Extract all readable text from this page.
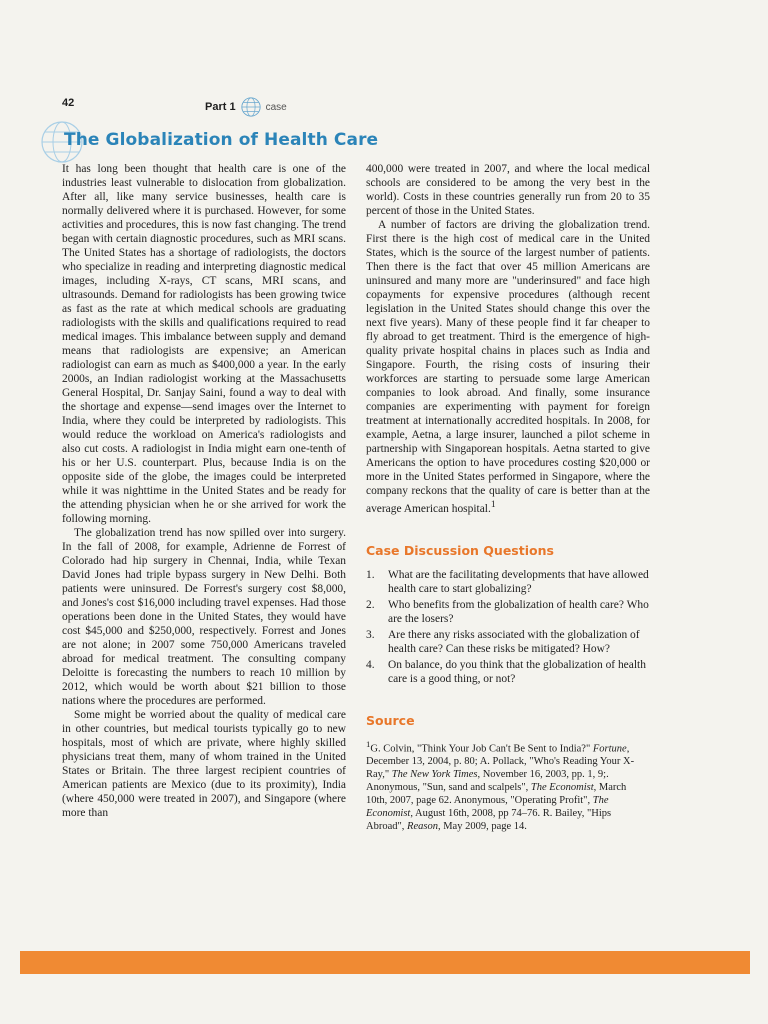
42	Part 1	case
The Globalization of Health Care

It has long been thought that health care is one of the industries least vulnerable to dislocation from globalization. After all, like many service businesses, health care is normally delivered where it is purchased. However, for some activities and procedures, this is now fast changing. The trend began with certain diagnostic procedures, such as MRI scans. The United States has a shortage of radiologists, the doctors who specialize in reading and interpreting diagnostic medical images, including X-rays, CT scans, MRI scans, and ultrasounds. Demand for radiologists has been growing twice as fast as the rate at which medical schools are graduating radiologists with the skills and qualifications required to read medical images. This imbalance between supply and demand means that radiologists are expensive; an American radiologist can earn as much as $400,000 a year. In the early 2000s, an Indian radiologist working at the Massachusetts General Hospital, Dr. Sanjay Saini, found a way to deal with the shortage and expense—send images over the Internet to India, where they could be interpreted by radiologists. This would reduce the workload on America's radiologists and also cut costs. A radiologist in India might earn one-tenth of his or her U.S. counterpart. Plus, because India is on the opposite side of the globe, the images could be interpreted while it was nighttime in the United States and be ready for the attending physician when he or she arrived for work the following morning.

The globalization trend has now spilled over into surgery. In the fall of 2008, for example, Adrienne de Forrest of Colorado had hip surgery in Chennai, India, while Texan David Jones had triple bypass surgery in New Delhi. Both patients were uninsured. De Forrest's surgery cost $8,000, and Jones's cost $16,000 including travel expenses. Had those operations been done in the United States, they would have cost $45,000 and $250,000, respectively. Forrest and Jones are not alone; in 2007 some 750,000 Americans traveled abroad for medical treatment. The consulting company Deloitte is forecasting the numbers to reach 10 million by 2012, which would be worth about $21 billion to those nations where the procedures are performed.

Some might be worried about the quality of medical care in other countries, but medical tourists typically go to new hospitals, most of which are private, where highly skilled physicians treat them, many of whom trained in the United States or Britain. The three largest recipient countries of American patients are Mexico (due to its proximity), India (where 450,000 were treated in 2007), and Singapore (where more than

400,000 were treated in 2007, and where the local medical schools are considered to be among the very best in the world). Costs in these countries generally run from 20 to 35 percent of those in the United States.

A number of factors are driving the globalization trend. First there is the high cost of medical care in the United States, which is the source of the largest number of patients. Then there is the fact that over 45 million Americans are uninsured and many more are "underinsured" and face high copayments for expensive procedures (although recent legislation in the United States should change this over the next five years). Many of these people find it far cheaper to fly abroad to get treatment. Third is the emergence of high-quality private hospital chains in places such as India and Singapore. Fourth, the rising costs of insuring their workforces are starting to persuade some large American companies to look abroad. And finally, some insurance companies are experimenting with payment for foreign treatment at internationally accredited hospitals. In 2008, for example, Aetna, a large insurer, launched a pilot scheme in partnership with Singaporean hospitals. Aetna started to give Americans the option to have procedures costing $20,000 or more in the United States performed in Singapore, where the company reckons that the quality of care is better than at the average American hospital.$^1$

Case Discussion Questions
1.	What are the facilitating developments that have allowed health care to start globalizing?
2.	Who benefits from the globalization of health care? Who are the losers?
3.	Are there any risks associated with the globalization of health care? Can these risks be mitigated? How?
4.	On balance, do you think that the globalization of health care is a good thing, or not?
Source
$^1$G. Colvin, "Think Your Job Can't Be Sent to India?" Fortune, December 13, 2004, p. 80; A. Pollack, "Who's Reading Your X-Ray," The New York Times, November 16, 2003, pp. 1, 9;. Anonymous, "Sun, sand and scalpels", The Economist, March 10th, 2007, page 62. Anonymous, "Operating Profit", The Economist, August 16th, 2008, pp 74–76. R. Bailey, "Hips Abroad", Reason, May 2009, page 14.
